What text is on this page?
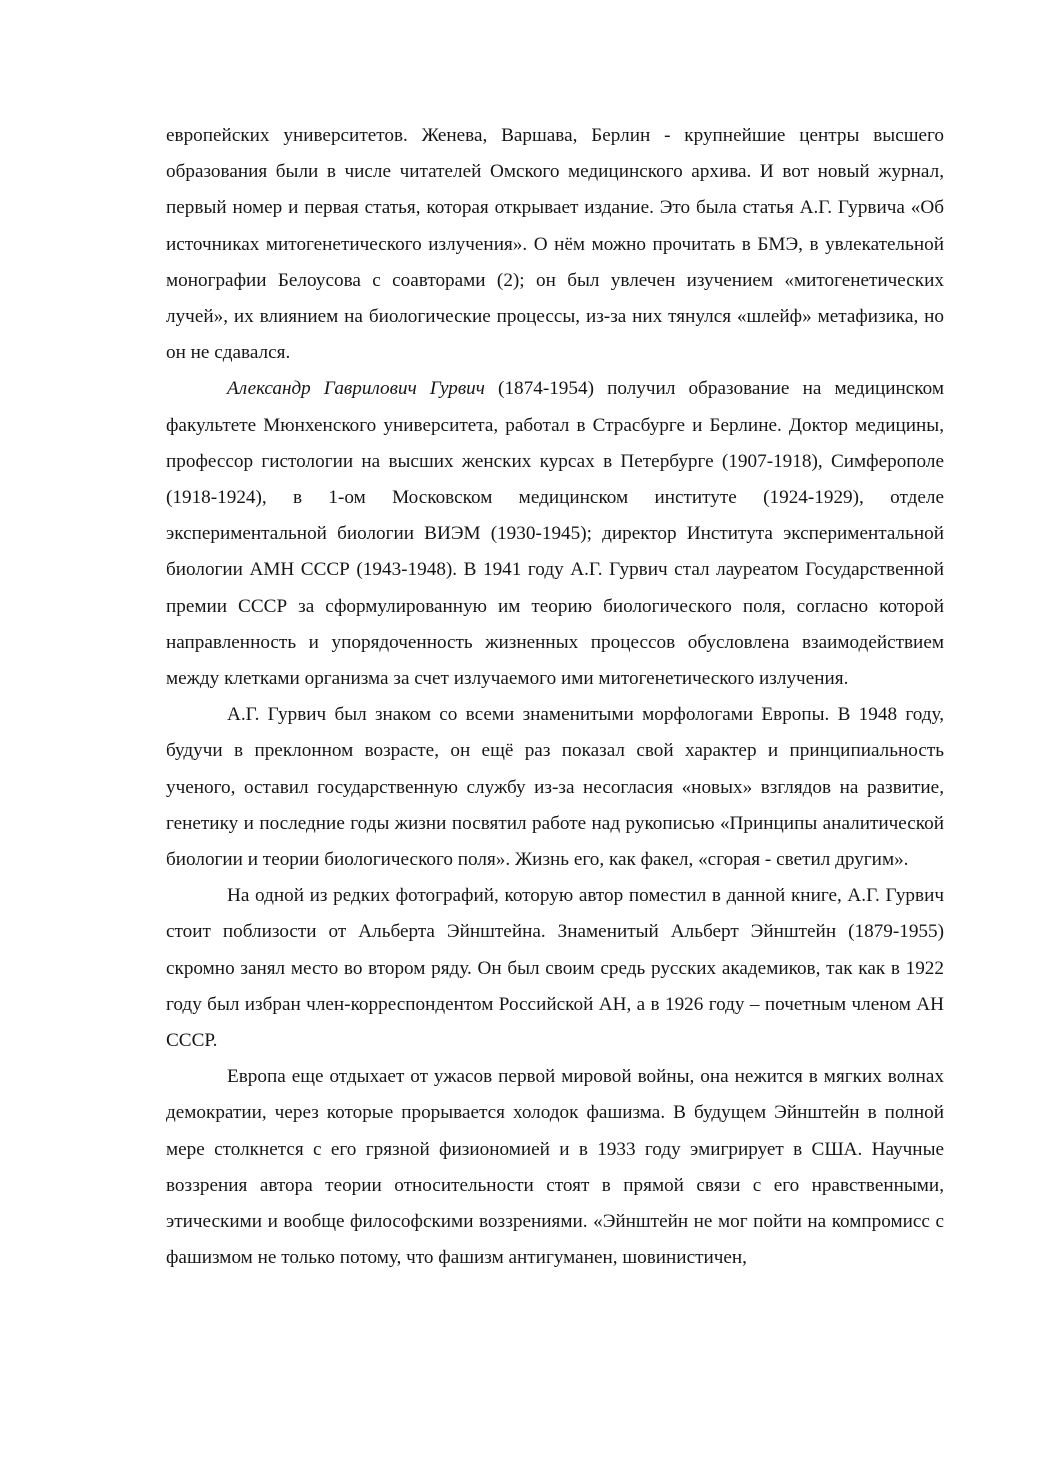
европейских университетов. Женева, Варшава, Берлин - крупнейшие центры высшего образования были в числе читателей Омского медицинского архива. И вот новый журнал, первый номер и первая статья, которая открывает издание. Это была статья А.Г. Гурвича «Об источниках митогенетического излучения». О нём можно прочитать в БМЭ, в увлекательной монографии Белоусова с соавторами (2); он был увлечен изучением «митогенетических лучей», их влиянием на биологические процессы, из-за них тянулся «шлейф» метафизика, но он не сдавался.

Александр Гаврилович Гурвич (1874-1954) получил образование на медицинском факультете Мюнхенского университета, работал в Страсбурге и Берлине. Доктор медицины, профессор гистологии на высших женских курсах в Петербурге (1907-1918), Симферополе (1918-1924), в 1-ом Московском медицинском институте (1924-1929), отделе экспериментальной биологии ВИЭМ (1930-1945); директор Института экспериментальной биологии АМН СССР (1943-1948). В 1941 году А.Г. Гурвич стал лауреатом Государственной премии СССР за сформулированную им теорию биологического поля, согласно которой направленность и упорядоченность жизненных процессов обусловлена взаимодействием между клетками организма за счет излучаемого ими митогенетического излучения.

А.Г. Гурвич был знаком со всеми знаменитыми морфологами Европы. В 1948 году, будучи в преклонном возрасте, он ещё раз показал свой характер и принципиальность ученого, оставил государственную службу из-за несогласия «новых» взглядов на развитие, генетику и последние годы жизни посвятил работе над рукописью «Принципы аналитической биологии и теории биологического поля». Жизнь его, как факел, «сгорая - светил другим».

На одной из редких фотографий, которую автор поместил в данной книге, А.Г. Гурвич стоит поблизости от Альберта Эйнштейна. Знаменитый Альберт Эйнштейн (1879-1955) скромно занял место во втором ряду. Он был своим средь русских академиков, так как в 1922 году был избран член-корреспондентом Российской АН, а в 1926 году – почетным членом АН СССР.

Европа еще отдыхает от ужасов первой мировой войны, она нежится в мягких волнах демократии, через которые прорывается холодок фашизма. В будущем Эйнштейн в полной мере столкнется с его грязной физиономией и в 1933 году эмигрирует в США. Научные воззрения автора теории относительности стоят в прямой связи с его нравственными, этическими и вообще философскими воззрениями. «Эйнштейн не мог пойти на компромисс с фашизмом не только потому, что фашизм антигуманен, шовинистичен,
